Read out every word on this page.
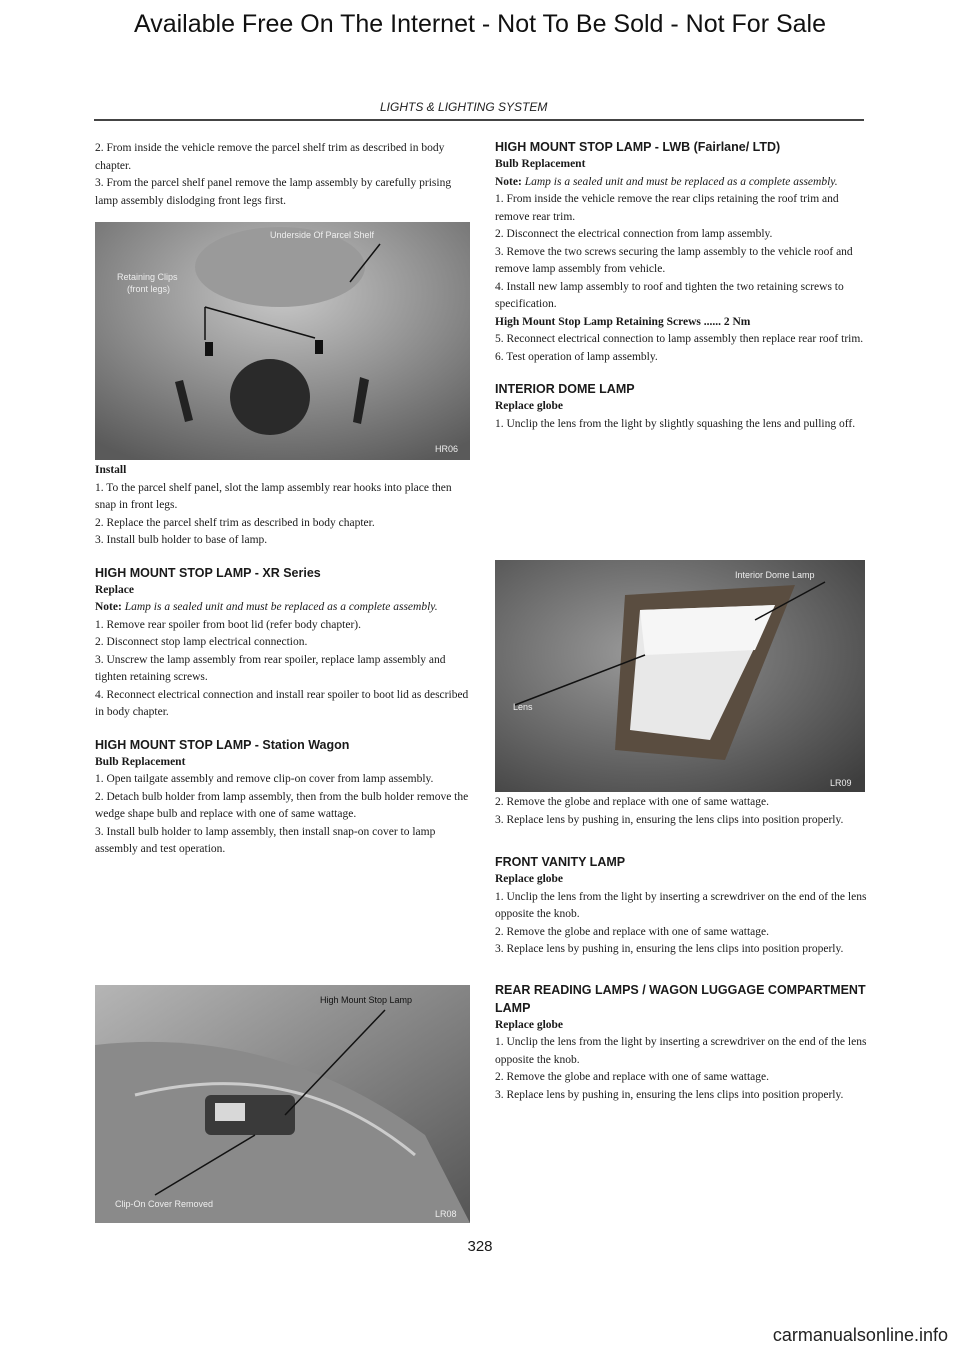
Available Free On The Internet - Not To Be Sold - Not For Sale
LIGHTS & LIGHTING SYSTEM

2. From inside the vehicle remove the parcel shelf trim as described in body chapter.

3. From the parcel shelf panel remove the lamp assembly by carefully prising lamp assembly dislodging front legs first.

Underside Of Parcel Shelf
Retaining Clips
(front legs)
HR06

Install

1. To the parcel shelf panel, slot the lamp assembly rear hooks into place then snap in front legs.

2. Replace the parcel shelf trim as described in body chapter.

3. Install bulb holder to base of lamp.

HIGH MOUNT STOP LAMP - XR Series

Replace

Note: Lamp is a sealed unit and must be replaced as a complete assembly.

1. Remove rear spoiler from boot lid (refer body chapter).

2. Disconnect stop lamp electrical connection.

3. Unscrew the lamp assembly from rear spoiler, replace lamp assembly and tighten retaining screws.

4. Reconnect electrical connection and install rear spoiler to boot lid as described in body chapter.

HIGH MOUNT STOP LAMP - Station Wagon

Bulb Replacement

1. Open tailgate assembly and remove clip-on cover from lamp assembly.

2. Detach bulb holder from lamp assembly, then from the bulb holder remove the wedge shape bulb and replace with one of same wattage.

3. Install bulb holder to lamp assembly, then install snap-on cover to lamp assembly and test operation.

High Mount Stop Lamp
Clip-On Cover Removed
LR08

HIGH MOUNT STOP LAMP - LWB (Fairlane/ LTD)

Bulb Replacement

Note: Lamp is a sealed unit and must be replaced as a complete assembly.

1. From inside the vehicle remove the rear clips retaining the roof trim and remove rear trim.

2. Disconnect the electrical connection from lamp assembly.

3. Remove the two screws securing the lamp assembly to the vehicle roof and remove lamp assembly from vehicle.

4. Install new lamp assembly to roof and tighten the two retaining screws to specification.

High Mount Stop Lamp Retaining Screws ...... 2 Nm

5. Reconnect electrical connection to lamp assembly then replace rear roof trim.

6. Test operation of lamp assembly.

INTERIOR DOME LAMP

Replace globe

1. Unclip the lens from the light by slightly squashing the lens and pulling off.

Interior Dome Lamp
Lens
LR09

2. Remove the globe and replace with one of same wattage.

3. Replace lens by pushing in, ensuring the lens clips into position properly.

FRONT VANITY LAMP

Replace globe

1. Unclip the lens from the light by inserting a screwdriver on the end of the lens opposite the knob.

2. Remove the globe and replace with one of same wattage.

3. Replace lens by pushing in, ensuring the lens clips into position properly.

REAR READING LAMPS / WAGON LUGGAGE COMPARTMENT LAMP

Replace globe

1. Unclip the lens from the light by inserting a screwdriver on the end of the lens opposite the knob.

2. Remove the globe and replace with one of same wattage.

3. Replace lens by pushing in, ensuring the lens clips into position properly.

328
carmanualsonline.info
